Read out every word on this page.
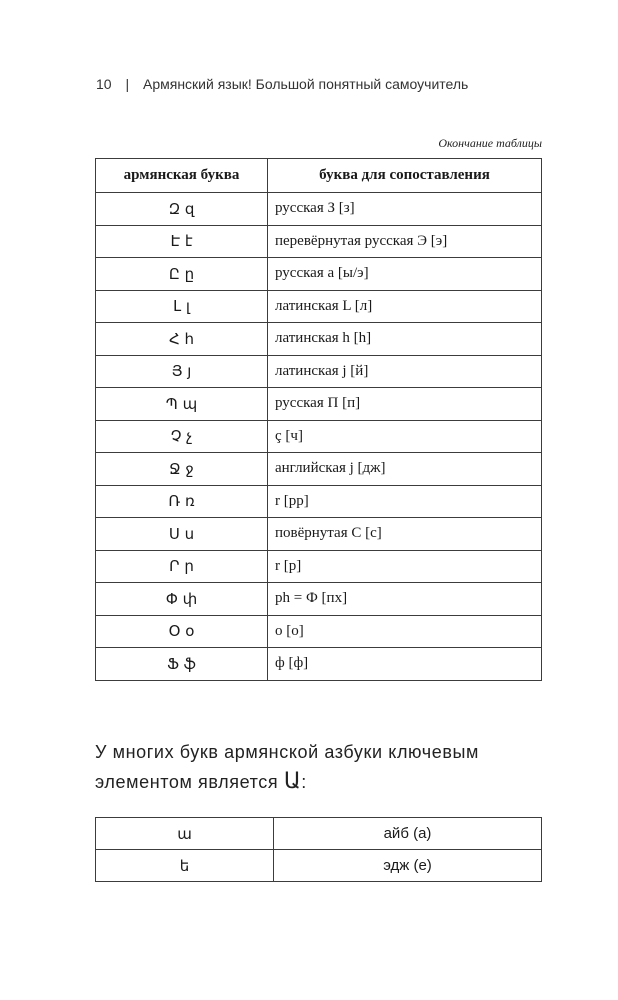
10 | Армянский язык! Большой понятный самоучитель
Окончание таблицы
армянская буква	буква для сопоставления
Զ զ	русская З [з]
Է է	перевёрнутая русская Э [э]
Ը ը	русская а [ы/э]
Լ լ	латинская L [л]
Հ հ	латинская h [h]
Յ յ	латинская j [й]
Պ պ	русская П [п]
Չ չ	ç [ч]
Ջ ջ	английская j [дж]
Ռ ռ	r [рр]
Ս ս	повёрнутая С [с]
Ր ր	r [р]
Փ փ	ph = Ф [пх]
Օ օ	о [о]
Ֆ ֆ	ф [ф]
У многих букв армянской азбуки ключевым элементом является Ա:
ա	айб (а)
ե	эдж (е)
